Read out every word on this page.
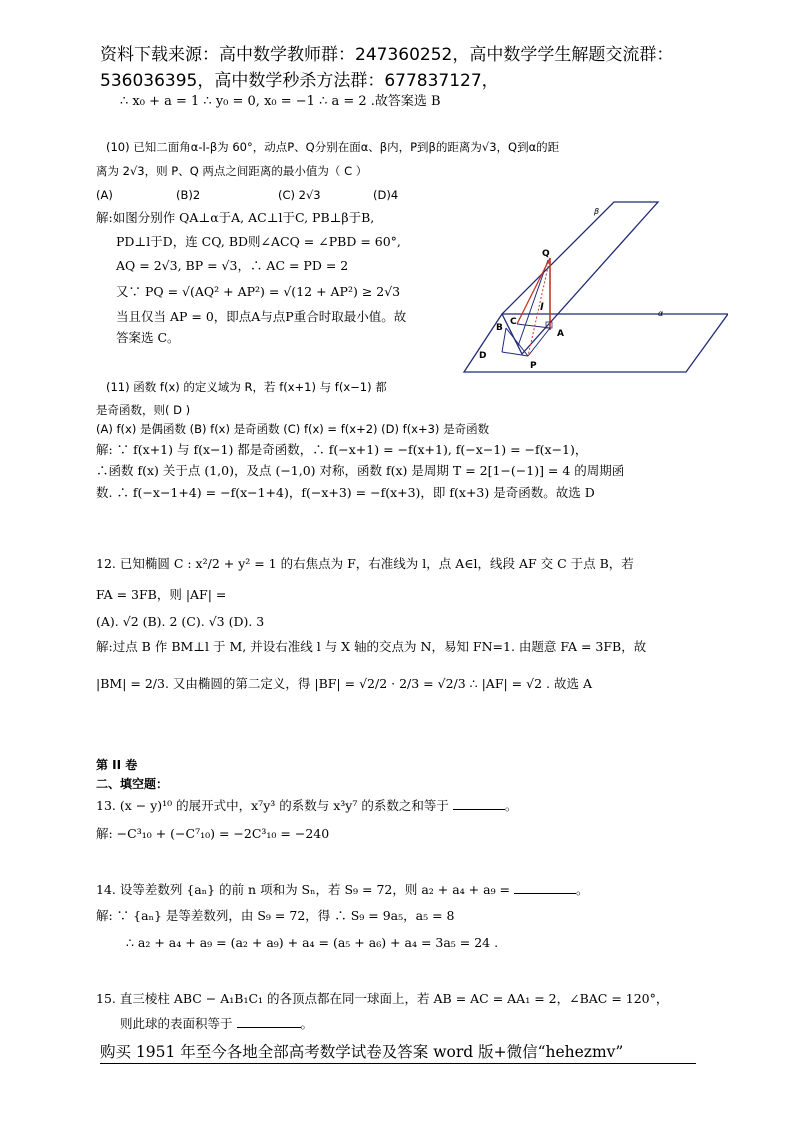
资料下载来源：高中数学教师群：247360252，高中数学学生解题交流群：
536036395，高中数学秒杀方法群：677837127，
∴ x₀ + a = 1 ∴ y₀ = 0, x₀ = −1 ∴ a = 2 .故答案选 B
(10) 已知二面角α-l-β为 60°，动点P、Q分别在面α、β内，P到β的距离为√3，Q到α的距
离为 2√3，则 P、Q 两点之间距离的最小值为（ C ）
(A)	(B)2	(C) 2√3	(D)4
解:如图分别作 QA⊥α于A, AC⊥l于C, PB⊥β于B,
PD⊥l于D，连 CQ, BD则∠ACQ = ∠PBD = 60°,
AQ = 2√3, BP = √3，∴ AC = PD = 2
又∵ PQ = √(AQ² + AP²) = √(12 + AP²) ≥ 2√3
当且仅当 AP = 0，即点A与点P重合时取最小值。故
答案选 C。
β
Q
l
B
C
A
α
D
P
(11) 函数 f(x) 的定义域为 R，若 f(x+1) 与 f(x−1) 都
是奇函数，则( D )
(A) f(x) 是偶函数 (B) f(x) 是奇函数 (C) f(x) = f(x+2) (D) f(x+3) 是奇函数
解: ∵ f(x+1) 与 f(x−1) 都是奇函数，∴ f(−x+1) = −f(x+1), f(−x−1) = −f(x−1)，
∴函数 f(x) 关于点 (1,0)，及点 (−1,0) 对称，函数 f(x) 是周期 T = 2[1−(−1)] = 4 的周期函
数. ∴ f(−x−1+4) = −f(x−1+4)，f(−x+3) = −f(x+3)，即 f(x+3) 是奇函数。故选 D
12. 已知椭圆 C : x²/2 + y² = 1 的右焦点为 F，右准线为 l，点 A∈l，线段 AF 交 C 于点 B，若
FA = 3FB，则 |AF| =
(A). √2 (B). 2 (C). √3 (D). 3
解:过点 B 作 BM⊥l 于 M, 并设右准线 l 与 X 轴的交点为 N，易知 FN=1. 由题意 FA = 3FB，故
|BM| = 2/3. 又由椭圆的第二定义，得 |BF| = √2/2 · 2/3 = √2/3 ∴ |AF| = √2 . 故选 A
第 II 卷
二、填空题：
13. (x − y)¹⁰ 的展开式中，x⁷y³ 的系数与 x³y⁷ 的系数之和等于	。
解: −C³₁₀ + (−C⁷₁₀) = −2C³₁₀ = −240
14. 设等差数列 {aₙ} 的前 n 项和为 Sₙ，若 S₉ = 72，则 a₂ + a₄ + a₉ =	。
解: ∵ {aₙ} 是等差数列，由 S₉ = 72，得 ∴ S₉ = 9a₅，a₅ = 8
∴ a₂ + a₄ + a₉ = (a₂ + a₉) + a₄ = (a₅ + a₆) + a₄ = 3a₅ = 24 .
15. 直三棱柱 ABC − A₁B₁C₁ 的各顶点都在同一球面上，若 AB = AC = AA₁ = 2，∠BAC = 120°，
则此球的表面积等于	。
购买 1951 年至今各地全部高考数学试卷及答案 word 版+微信“hehezmv”
